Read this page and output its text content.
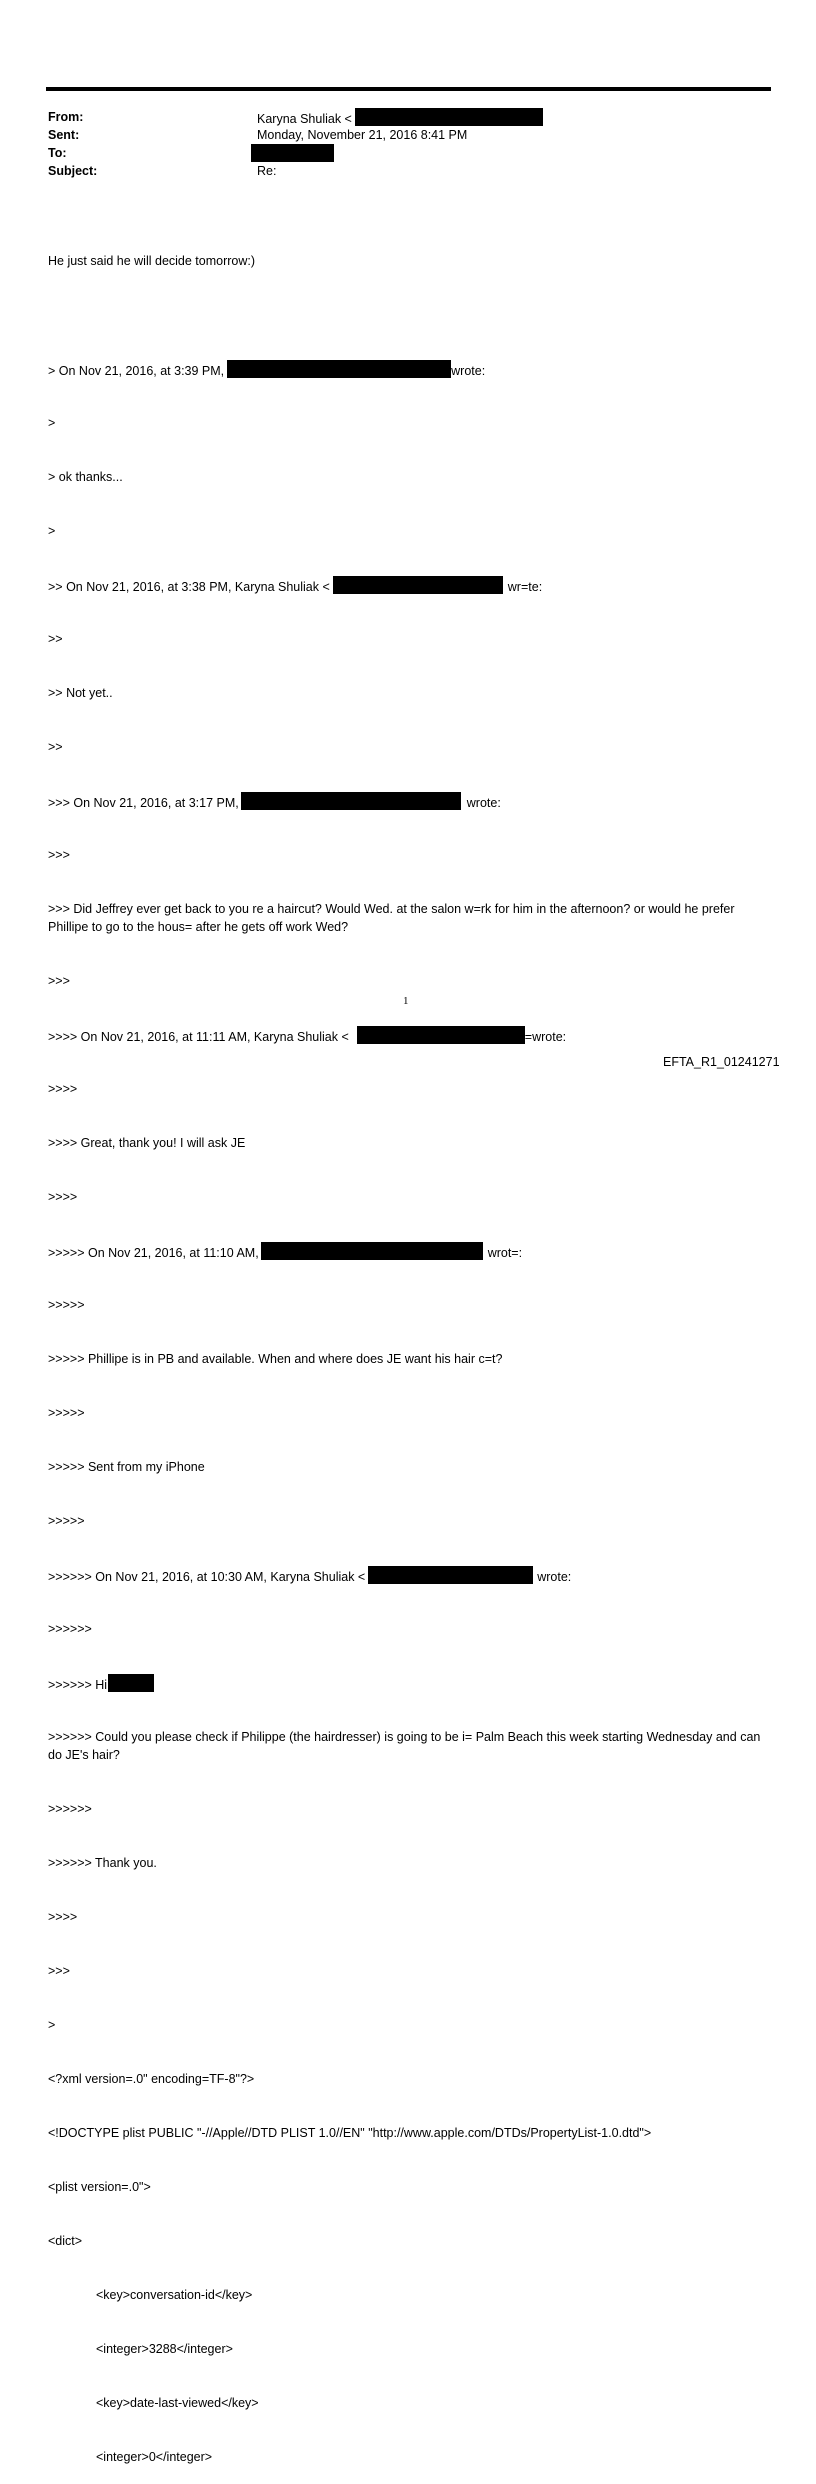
From:	Karyna Shuliak <
Sent:	Monday, November 21, 2016 8:41 PM
To:
Subject:	Re:

He just said he will decide tomorrow:)

> On Nov 21, 2016, at 3:39 PM,	wrote:

>

> ok thanks...

>

>> On Nov 21, 2016, at 3:38 PM, Karyna Shuliak <	wr=te:

>>

>> Not yet..

>>

>>> On Nov 21, 2016, at 3:17 PM,	wrote:

>>>

>>> Did Jeffrey ever get back to you re a haircut? Would Wed. at the salon w=rk for him in the afternoon? or would he prefer Phillipe to go to the hous= after he gets off work Wed?

>>>

>>>> On Nov 21, 2016, at 11:11 AM, Karyna Shuliak <	=wrote:

>>>>

>>>> Great, thank you! I will ask JE

>>>>

>>>>> On Nov 21, 2016, at 11:10 AM,	wrot=:

>>>>>

>>>>> Phillipe is in PB and available. When and where does JE want his hair c=t?

>>>>>

>>>>> Sent from my iPhone

>>>>>

>>>>>> On Nov 21, 2016, at 10:30 AM, Karyna Shuliak <	wrote:

>>>>>>

>>>>>> Hi

>>>>>> Could you please check if Philippe (the hairdresser) is going to be i= Palm Beach this week starting Wednesday and can do JE's hair?

>>>>>>

>>>>>> Thank you.

>>>>

>>>

>

<?xml version=.0" encoding=TF-8"?>

<!DOCTYPE plist PUBLIC "-//Apple//DTD PLIST 1.0//EN" "http://www.apple.com/DTDs/PropertyList-1.0.dtd">

<plist version=.0">

<dict>

<key>conversation-id</key>

<integer>3288</integer>

<key>date-last-viewed</key>

<integer>0</integer>

1
EFTA_R1_01241271
